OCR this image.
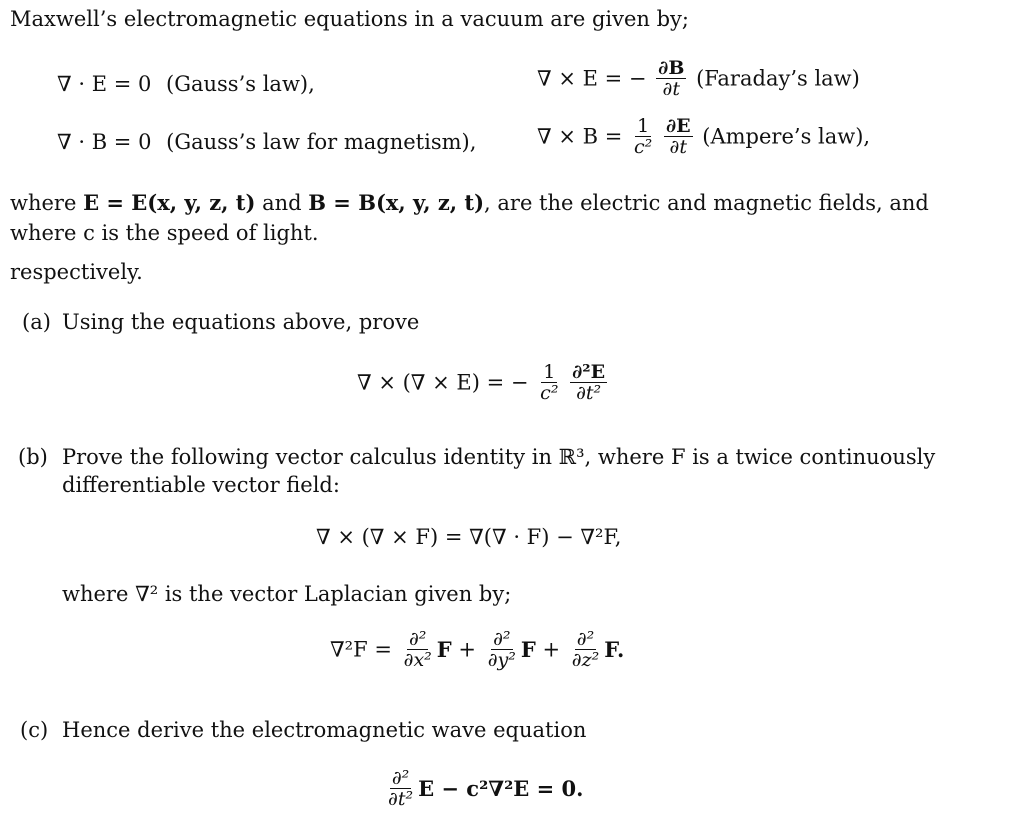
Maxwell’s electromagnetic equations in a vacuum are given by;
∇ · E = 0 (Gauss’s law),	∇ × E = − $\frac{\partial B}{\partial t}$ (Faraday’s law)
∇ · B = 0 (Gauss’s law for magnetism),	∇ × $B = \frac{1}{\text{c²}}$
$\frac{\partial E}{\partial t}$ (Ampere’s law),
where E = E(x, y, z, t) and B = B(x, y, z, t), are the electric and magnetic fields, and
where c is the speed of light.
respectively.
(a) Using the equations above, prove
∇ × (∇ × E) = − $\frac{1}{\text{c²}}$
$\frac{\text{∂²E}}{\text{∂t²}}$
(b) Prove the following vector calculus identity in ℝ³, where F is a twice continuously
differentiable vector field:
∇ × (∇ × F) = ∇(∇ · F) − ∇²F,
where ∇² is the vector Laplacian given by;
$\nabla^2F = \frac{\text{∂²}}{\text{∂x²}}$ $F + \frac{\text{∂²}}{\text{∂y²}}$ $F + \frac{\text{∂²}}{\text{∂z²}} F$.
(c) Hence derive the electromagnetic wave equation
$\frac{\text{∂²}}{\text{∂t²}}$ E − c²∇²E = 0.
